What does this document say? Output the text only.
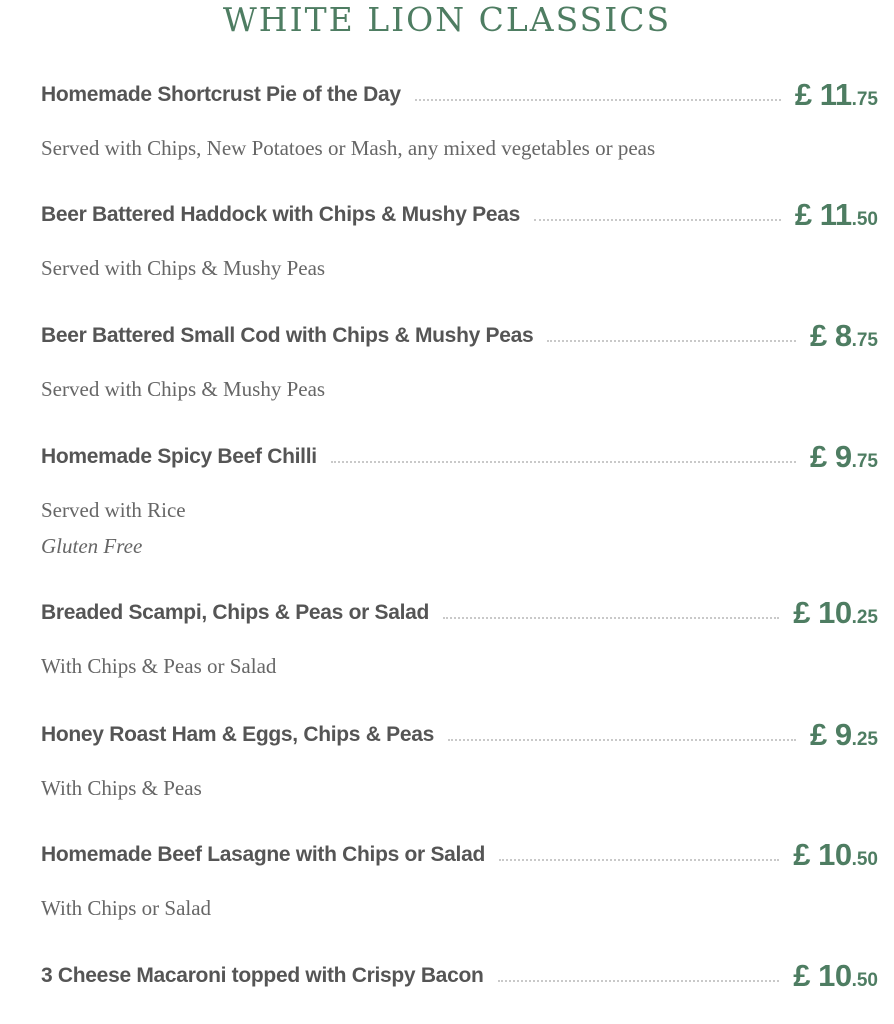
WHITE LION CLASSICS
Homemade Shortcrust Pie of the Day	£ 11.75

Served with Chips, New Potatoes or Mash, any mixed vegetables or peas

Beer Battered Haddock with Chips & Mushy Peas	£ 11.50

Served with Chips & Mushy Peas

Beer Battered Small Cod with Chips & Mushy Peas	£ 8.75

Served with Chips & Mushy Peas

Homemade Spicy Beef Chilli	£ 9.75

Served with Rice
Gluten Free

Breaded Scampi, Chips & Peas or Salad	£ 10.25

With Chips & Peas or Salad

Honey Roast Ham & Eggs, Chips & Peas	£ 9.25

With Chips & Peas

Homemade Beef Lasagne with Chips or Salad	£ 10.50

With Chips or Salad

3 Cheese Macaroni topped with Crispy Bacon	£ 10.50
